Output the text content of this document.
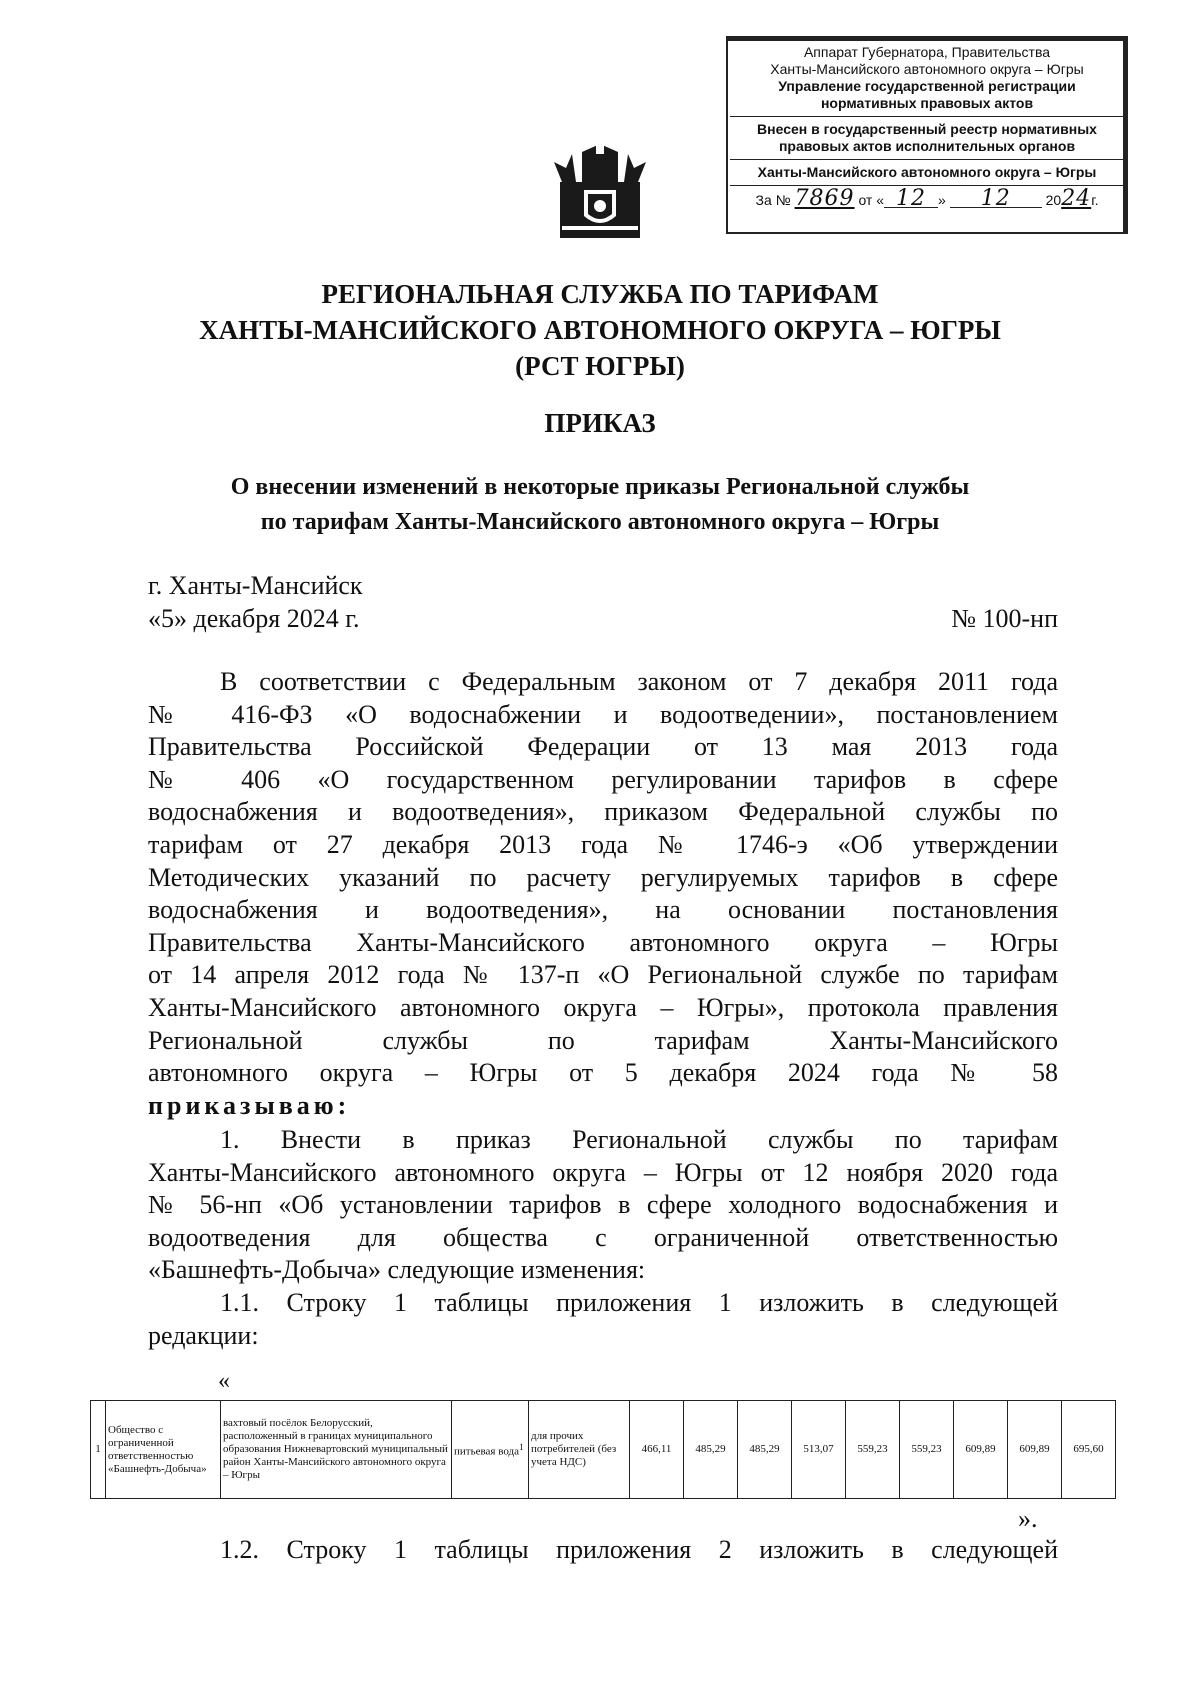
Аппарат Губернатора, Правительства
Ханты-Мансийского автономного округа – Югры
Управление государственной регистрации
нормативных правовых актов
Внесен в государственный реестр нормативных
правовых актов исполнительных органов
Ханты-Мансийского автономного округа – Югры
За № 7869 от « 12 » 12 2024г.
РЕГИОНАЛЬНАЯ СЛУЖБА ПО ТАРИФАМ
ХАНТЫ-МАНСИЙСКОГО АВТОНОМНОГО ОКРУГА – ЮГРЫ
(РСТ ЮГРЫ)
ПРИКАЗ
О внесении изменений в некоторые приказы Региональной службы
по тарифам Ханты-Мансийского автономного округа – Югры
г. Ханты-Мансийск
«5» декабря 2024 г.	№ 100-нп

В соответствии с Федеральным законом от 7 декабря 2011 года

№ 416-ФЗ «О водоснабжении и водоотведении», постановлением

Правительства Российской Федерации от 13 мая 2013 года

№ 406 «О государственном регулировании тарифов в сфере

водоснабжения и водоотведения», приказом Федеральной службы по

тарифам от 27 декабря 2013 года № 1746-э «Об утверждении

Методических указаний по расчету регулируемых тарифов в сфере

водоснабжения и водоотведения», на основании постановления

Правительства Ханты-Мансийского автономного округа – Югры

от 14 апреля 2012 года № 137-п «О Региональной службе по тарифам

Ханты-Мансийского автономного округа – Югры», протокола правления

Региональной службы по тарифам Ханты-Мансийского

автономного округа – Югры от 5 декабря 2024 года № 58

приказываю:

1. Внести в приказ Региональной службы по тарифам

Ханты-Мансийского автономного округа – Югры от 12 ноября 2020 года

№ 56-нп «Об установлении тарифов в сфере холодного водоснабжения и

водоотведения для общества с ограниченной ответственностью

«Башнефть-Добыча» следующие изменения:

1.1. Строку 1 таблицы приложения 1 изложить в следующей

редакции:

«
1	Общество с ограниченной ответственностью «Башнефть-Добыча»	вахтовый посёлок Белорусский, расположенный в границах муниципального образования Нижневартовский муниципальный район Ханты-Мансийского автономного округа – Югры	питьевая вода$^1$	для прочих потребителей (без учета НДС)	466,11	485,29	485,29	513,07	559,23	559,23	609,89	609,89	695,60
».

1.2. Строку 1 таблицы приложения 2 изложить в следующей
